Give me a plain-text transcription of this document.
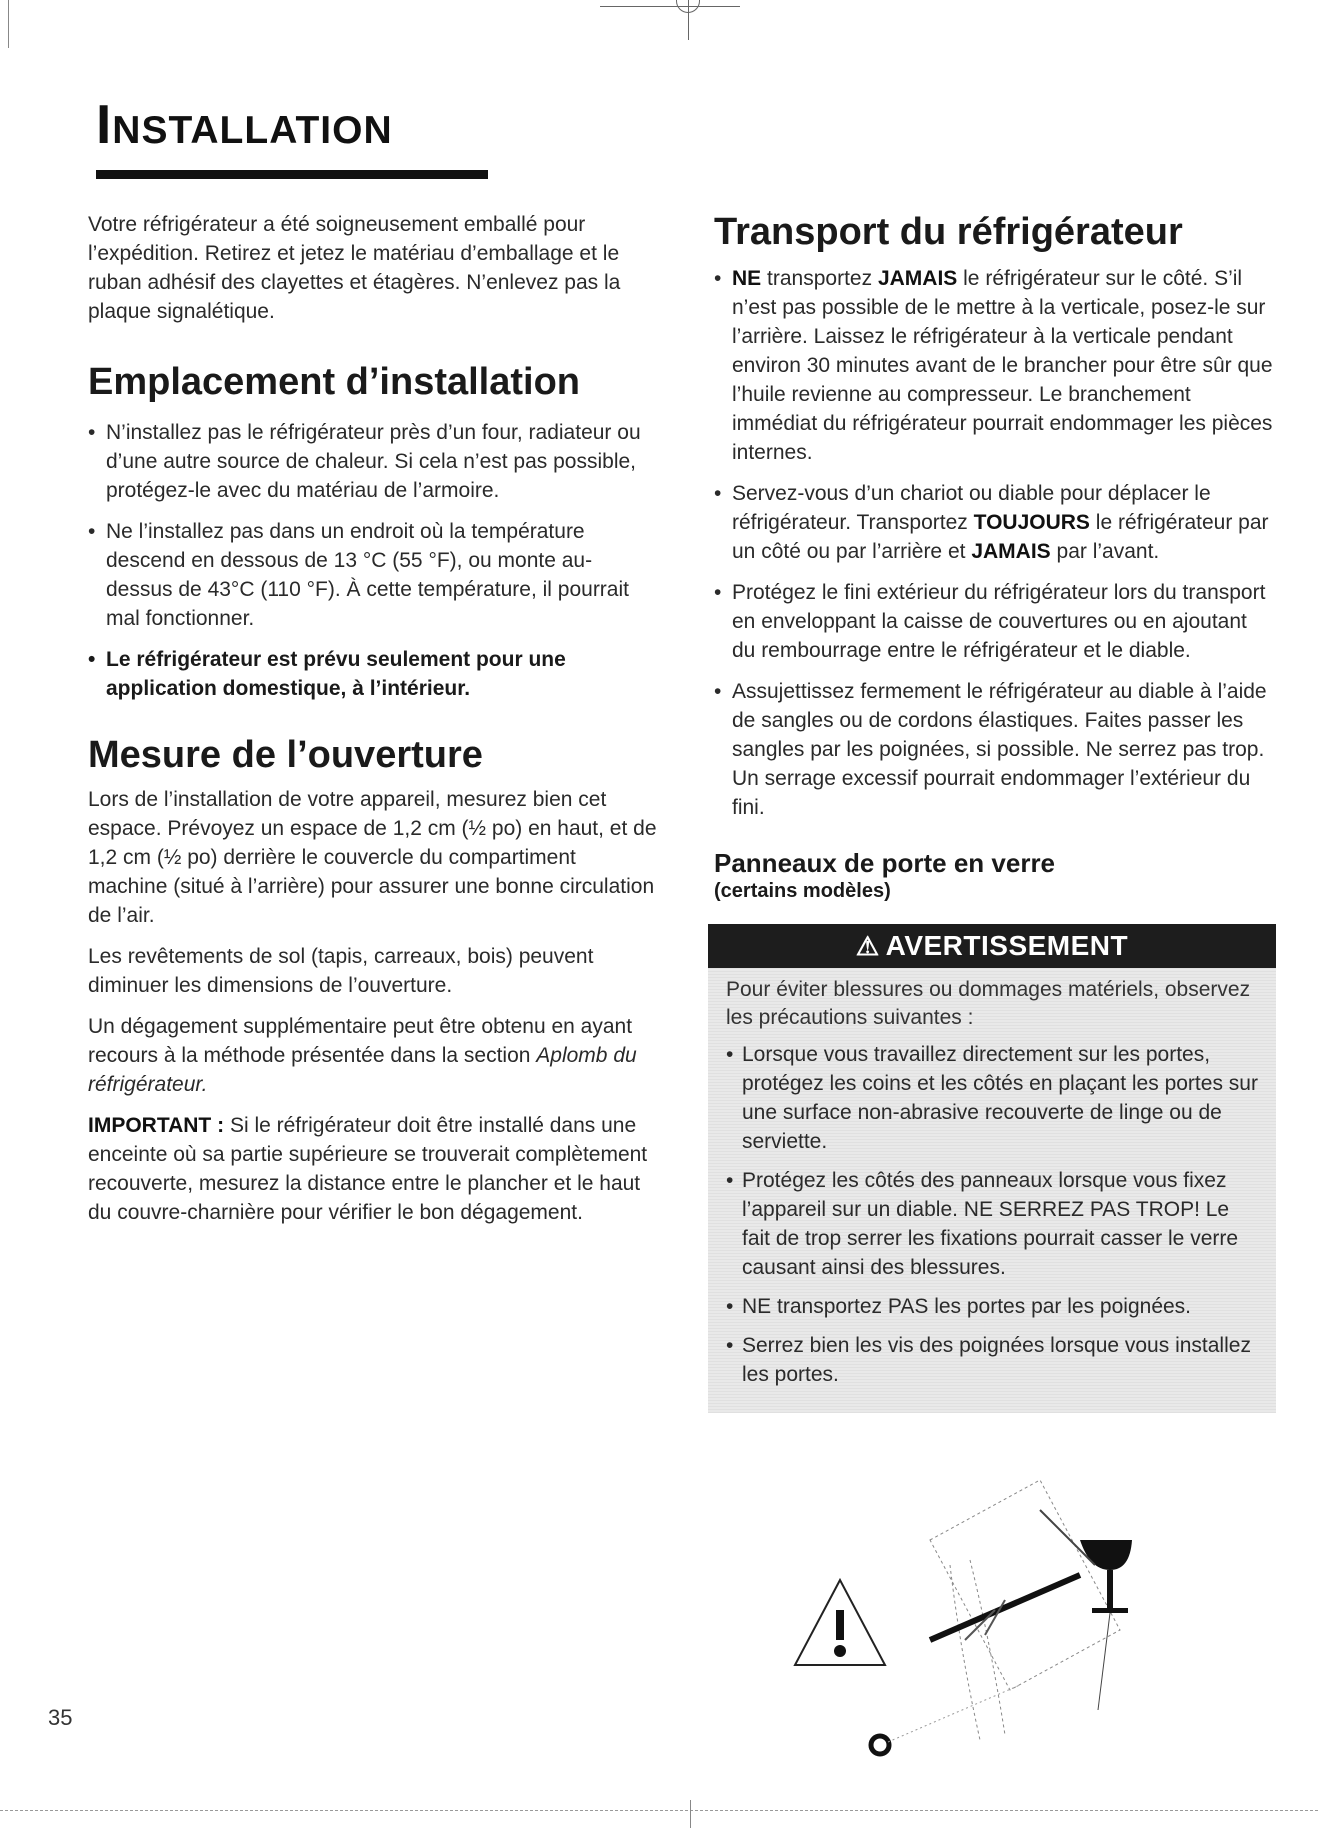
Installation

Votre réfrigérateur a été soigneusement emballé pour l’expédition. Retirez et jetez le matériau d’emballage et le ruban adhésif des clayettes et étagères. N’enlevez pas la plaque signalétique.

Emplacement d’installation
• N’installez pas le réfrigérateur près d’un four, radiateur ou d’une autre source de chaleur. Si cela n’est pas possible, protégez-le avec du matériau de l’armoire.
• Ne l’installez pas dans un endroit où la température descend en dessous de 13 °C (55 °F), ou monte au-dessus de 43°C (110 °F). À cette température, il pourrait mal fonctionner.
• Le réfrigérateur est prévu seulement pour une application domestique, à l’intérieur.
Mesure de l’ouverture

Lors de l’installation de votre appareil, mesurez bien cet espace. Prévoyez un espace de 1,2 cm (½ po) en haut, et de 1,2 cm (½ po) derrière le couvercle du compartiment machine (situé à l’arrière) pour assurer une bonne circulation de l’air.

Les revêtements de sol (tapis, carreaux, bois) peuvent diminuer les dimensions de l’ouverture.

Un dégagement supplémentaire peut être obtenu en ayant recours à la méthode présentée dans la section Aplomb du réfrigérateur.

IMPORTANT : Si le réfrigérateur doit être installé dans une enceinte où sa partie supérieure se trouverait complètement recouverte, mesurez la distance entre le plancher et le haut du couvre-charnière pour vérifier le bon dégagement.

Transport du réfrigérateur
• NE transportez JAMAIS le réfrigérateur sur le côté. S’il n’est pas possible de le mettre à la verticale, posez-le sur l’arrière. Laissez le réfrigérateur à la verticale pendant environ 30 minutes avant de le brancher pour être sûr que l’huile revienne au compresseur. Le branchement immédiat du réfrigérateur pourrait endommager les pièces internes.
• Servez-vous d’un chariot ou diable pour déplacer le réfrigérateur. Transportez TOUJOURS le réfrigérateur par un côté ou par l’arrière et JAMAIS par l’avant.
• Protégez le fini extérieur du réfrigérateur lors du transport en enveloppant la caisse de couvertures ou en ajoutant du rembourrage entre le réfrigérateur et le diable.
• Assujettissez fermement le réfrigérateur au diable à l’aide de sangles ou de cordons élastiques. Faites passer les sangles par les poignées, si possible. Ne serrez pas trop. Un serrage excessif pourrait endommager l’extérieur du fini.
Panneaux de porte en verre
(certains modèles)
⚠ AVERTISSEMENT

Pour éviter blessures ou dommages matériels, observez les précautions suivantes :

• Lorsque vous travaillez directement sur les portes, protégez les coins et les côtés en plaçant les portes sur une surface non-abrasive recouverte de linge ou de serviette.
• Protégez les côtés des panneaux lorsque vous fixez l’appareil sur un diable. NE SERREZ PAS TROP! Le fait de trop serrer les fixations pourrait casser le verre causant ainsi des blessures.
• NE transportez PAS les portes par les poignées.
• Serrez bien les vis des poignées lorsque vous installez les portes.
35
